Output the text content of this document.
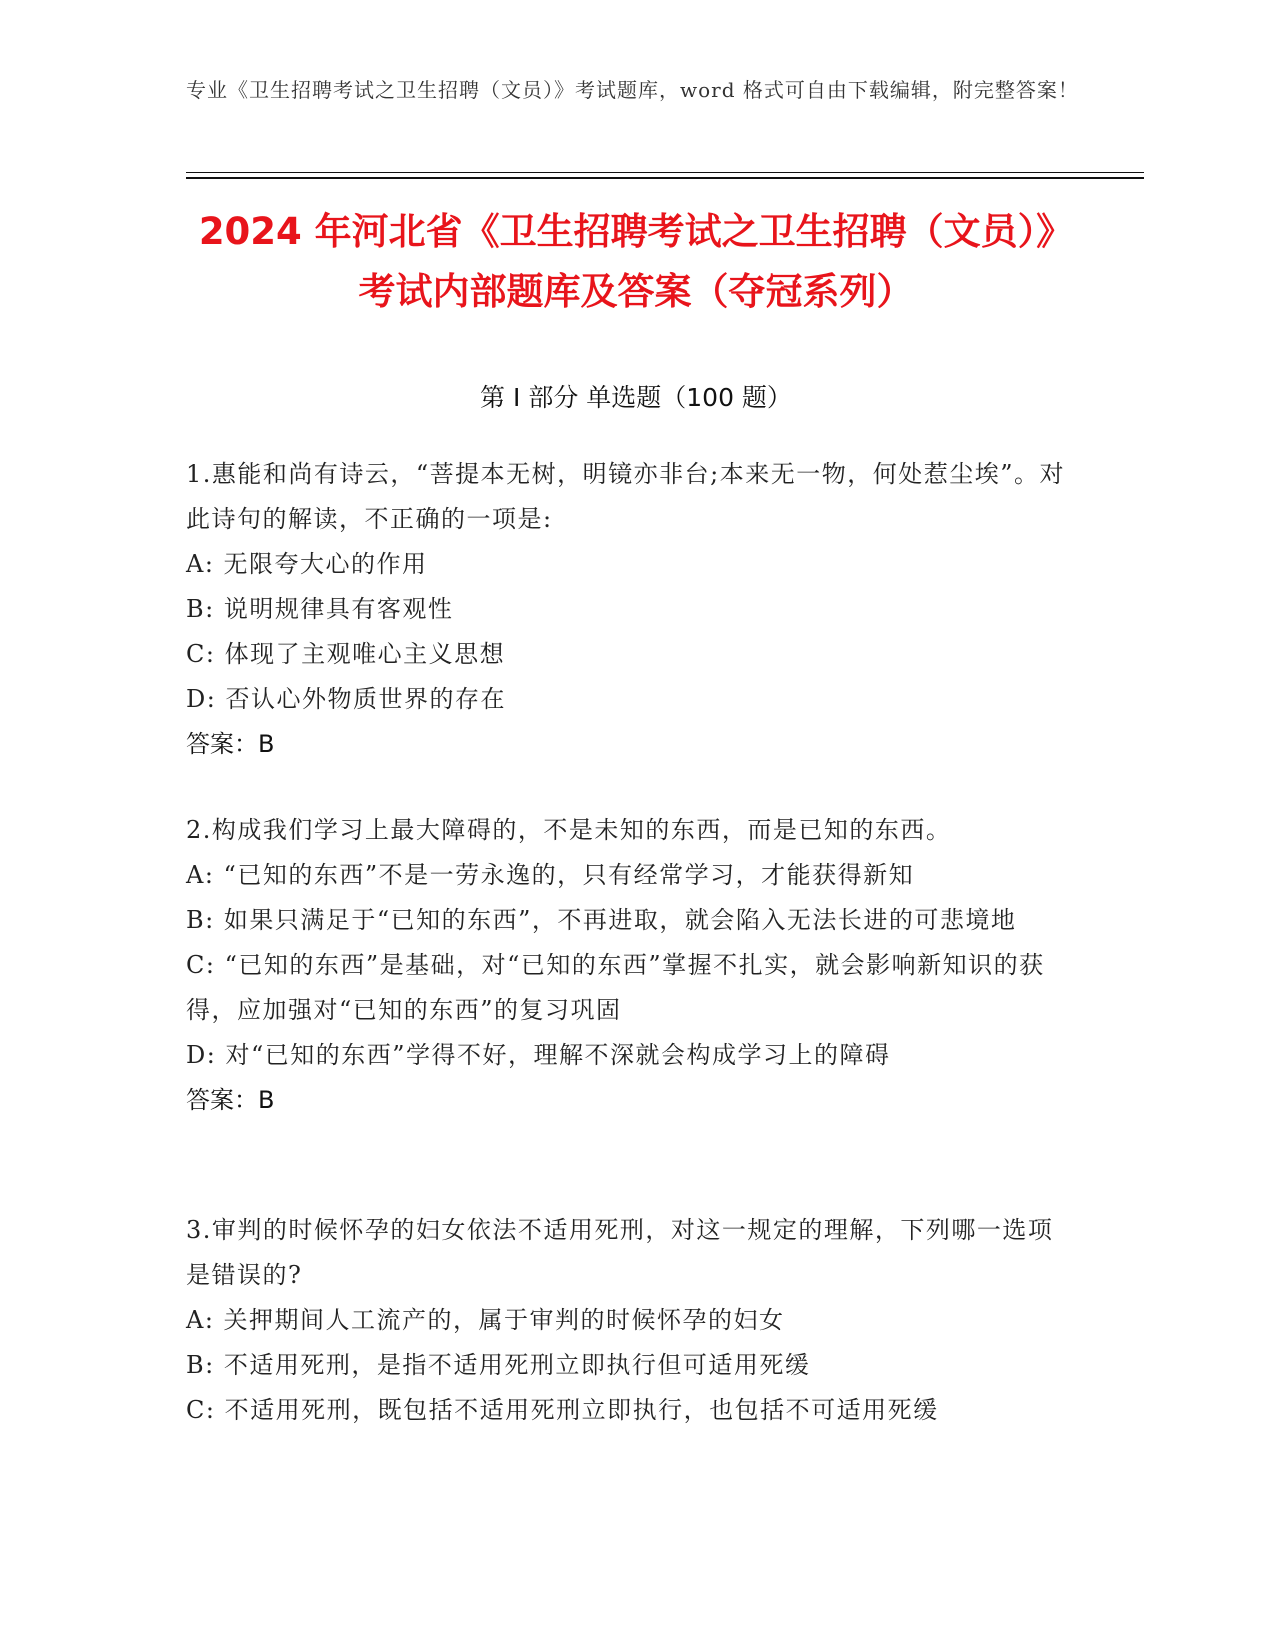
专业《卫生招聘考试之卫生招聘（文员）》考试题库，word 格式可自由下载编辑，附完整答案！
2024 年河北省《卫生招聘考试之卫生招聘（文员）》考试内部题库及答案（夺冠系列）
第 I 部分 单选题（100 题）

1.惠能和尚有诗云，“菩提本无树，明镜亦非台;本来无一物，何处惹尘埃”。对此诗句的解读，不正确的一项是:

A: 无限夸大心的作用

B: 说明规律具有客观性

C: 体现了主观唯心主义思想

D: 否认心外物质世界的存在

答案：B

2.构成我们学习上最大障碍的，不是未知的东西，而是已知的东西。

A: “已知的东西”不是一劳永逸的，只有经常学习，才能获得新知

B: 如果只满足于“已知的东西”，不再进取，就会陷入无法长进的可悲境地

C: “已知的东西”是基础，对“已知的东西”掌握不扎实，就会影响新知识的获得，应加强对“已知的东西”的复习巩固

D: 对“已知的东西”学得不好，理解不深就会构成学习上的障碍

答案：B

3.审判的时候怀孕的妇女依法不适用死刑，对这一规定的理解，下列哪一选项是错误的?

A: 关押期间人工流产的，属于审判的时候怀孕的妇女

B: 不适用死刑，是指不适用死刑立即执行但可适用死缓

C: 不适用死刑，既包括不适用死刑立即执行，也包括不可适用死缓
